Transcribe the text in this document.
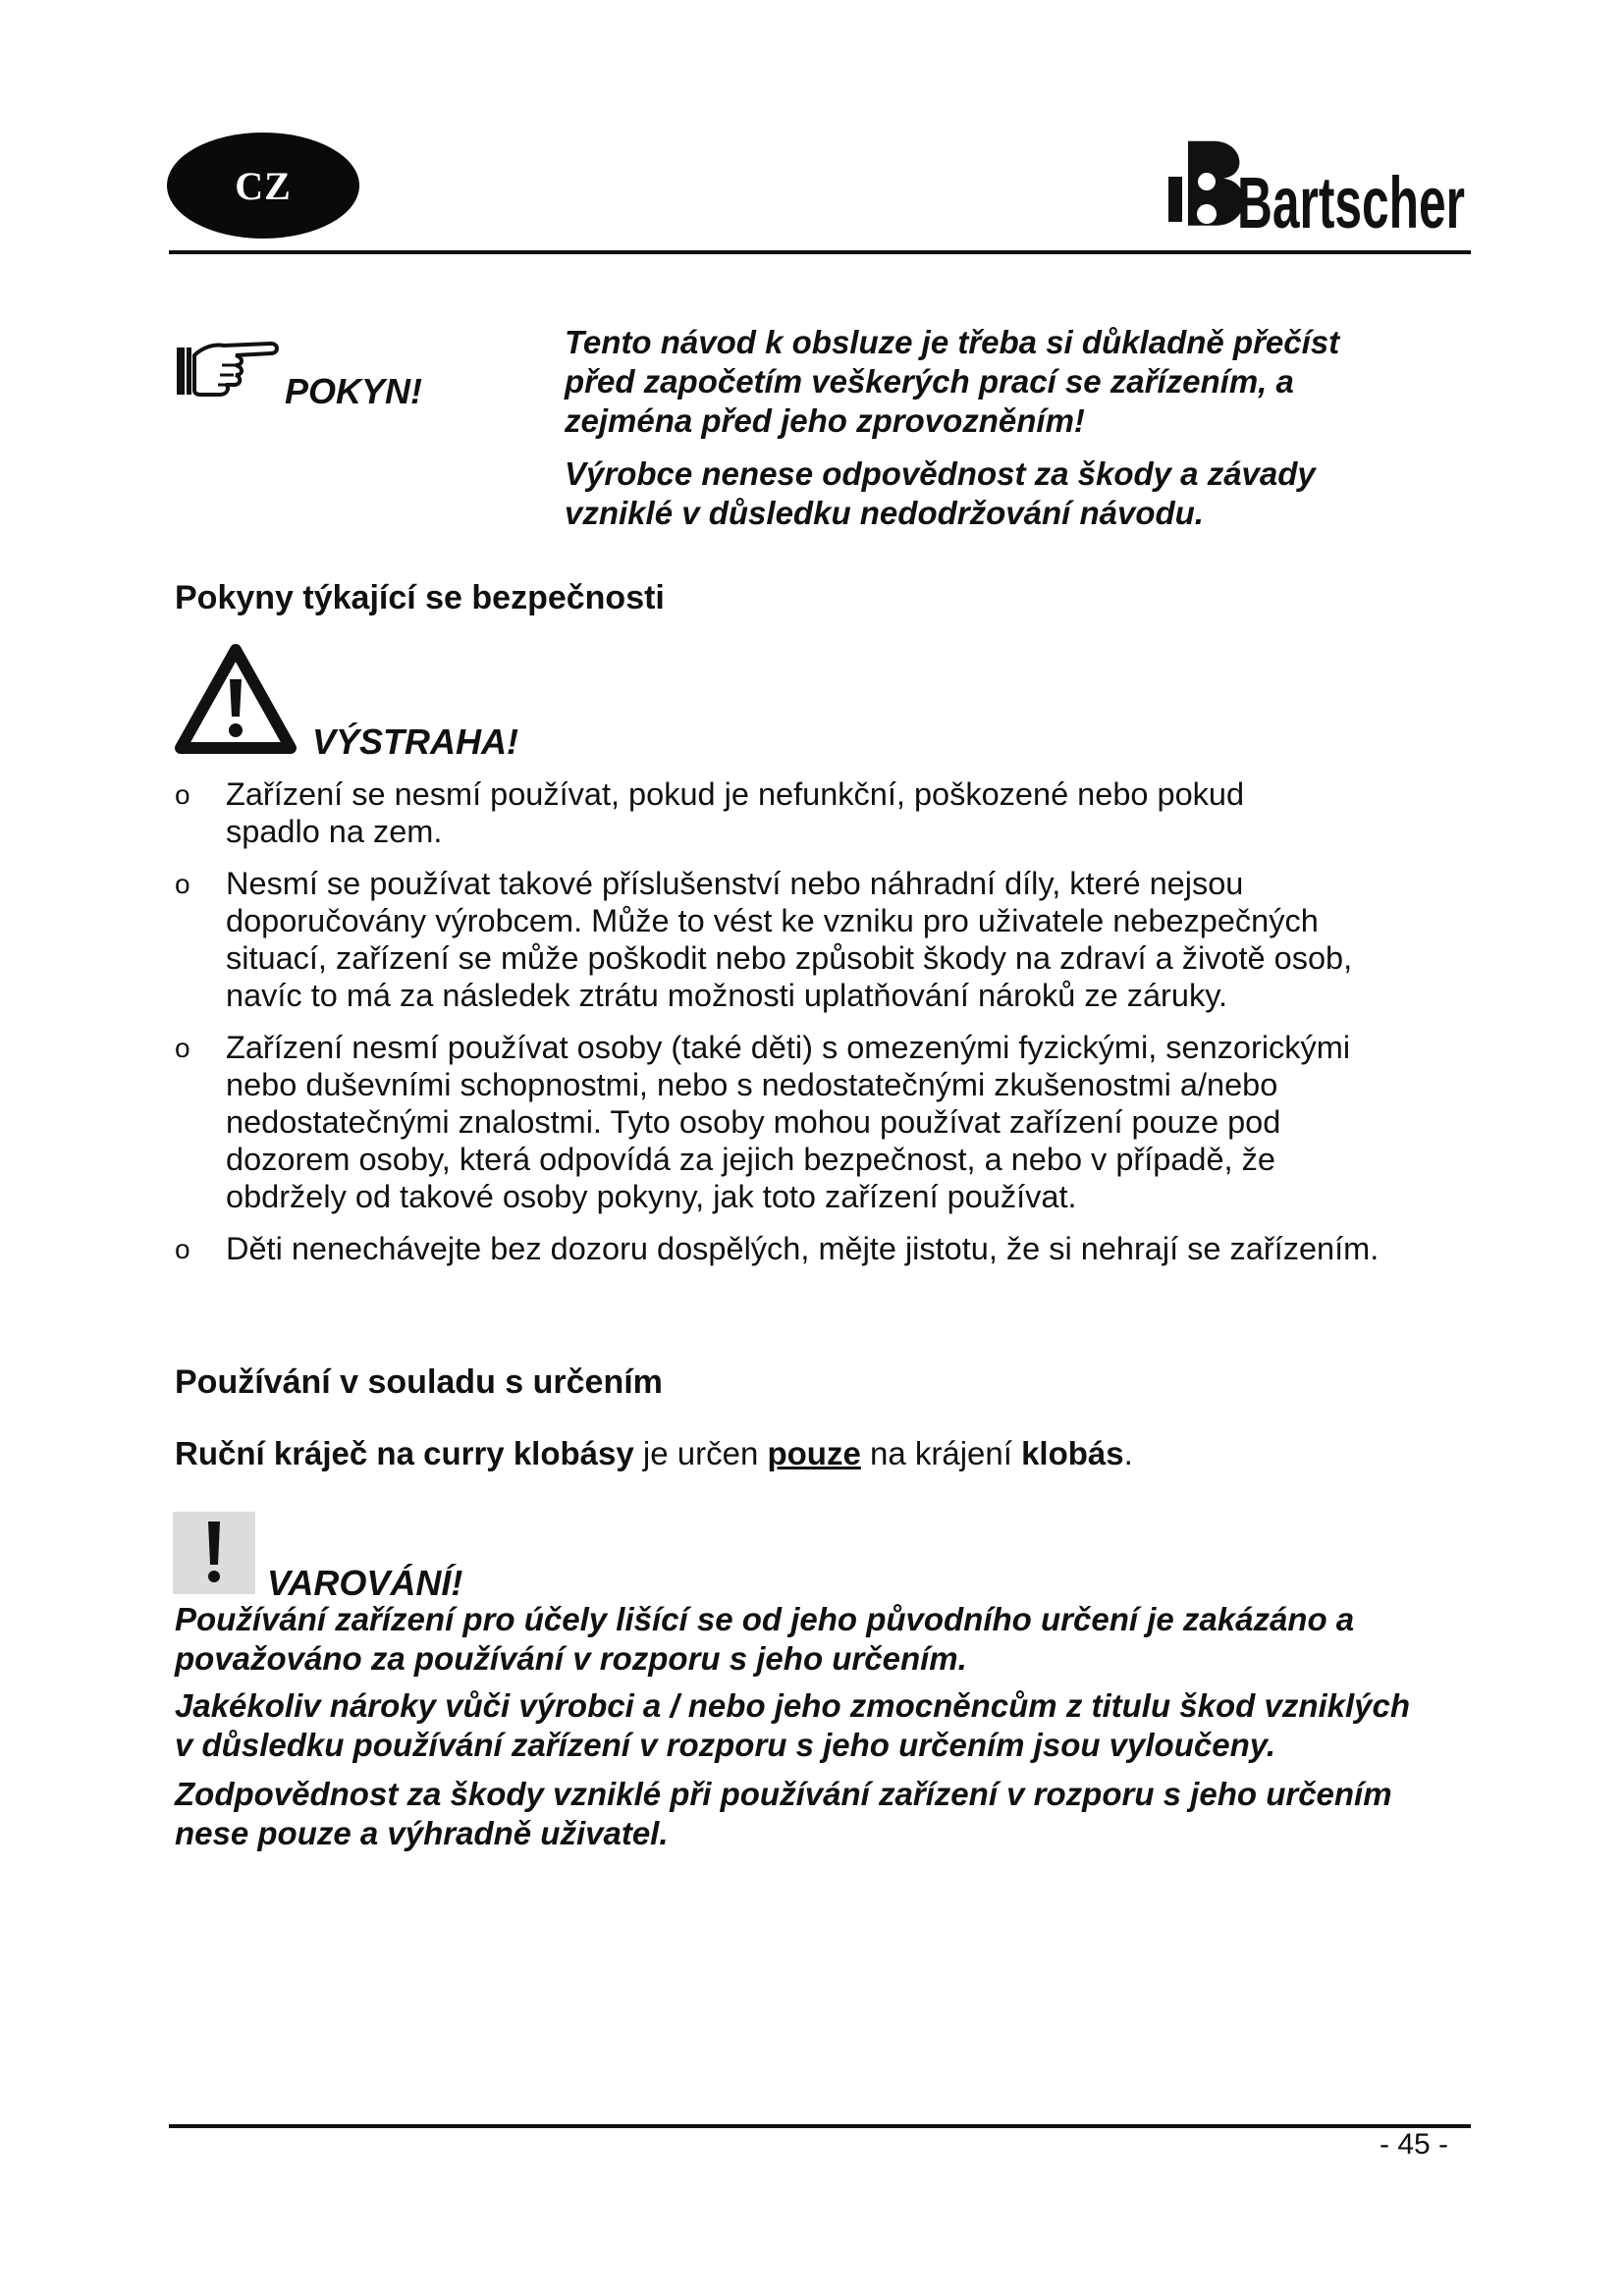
CZ	Bartscher
POKYN!

Tento návod k obsluze je třeba si důkladně přečíst
před započetím veškerých prací se zařízením, a
zejména před jeho zprovozněním!

Výrobce nenese odpovědnost za škody a závady
vzniklé v důsledku nedodržování návodu.

Pokyny týkající se bezpečnosti
VÝSTRAHA!
o Zařízení se nesmí používat, pokud je nefunkční, poškozené nebo pokud
spadlo na zem.
o Nesmí se používat takové příslušenství nebo náhradní díly, které nejsou
doporučovány výrobcem. Může to vést ke vzniku pro uživatele nebezpečných
situací, zařízení se může poškodit nebo způsobit škody na zdraví a životě osob,
navíc to má za následek ztrátu možnosti uplatňování nároků ze záruky.
o Zařízení nesmí používat osoby (také děti) s omezenými fyzickými, senzorickými
nebo duševními schopnostmi, nebo s nedostatečnými zkušenostmi a/nebo
nedostatečnými znalostmi. Tyto osoby mohou používat zařízení pouze pod
dozorem osoby, která odpovídá za jejich bezpečnost, a nebo v případě, že
obdržely od takové osoby pokyny, jak toto zařízení používat.
o Děti nenechávejte bez dozoru dospělých, mějte jistotu, že si nehrají se zařízením.
Používání v souladu s určením

Ruční kráječ na curry klobásy je určen pouze na krájení klobás.

VAROVÁNÍ!

Používání zařízení pro účely lišící se od jeho původního určení je zakázáno a
považováno za používání v rozporu s jeho určením.

Jakékoliv nároky vůči výrobci a / nebo jeho zmocněncům z titulu škod vzniklých
v důsledku používání zařízení v rozporu s jeho určením jsou vyloučeny.

Zodpovědnost za škody vzniklé při používání zařízení v rozporu s jeho určením
nese pouze a výhradně uživatel.

- 45 -
